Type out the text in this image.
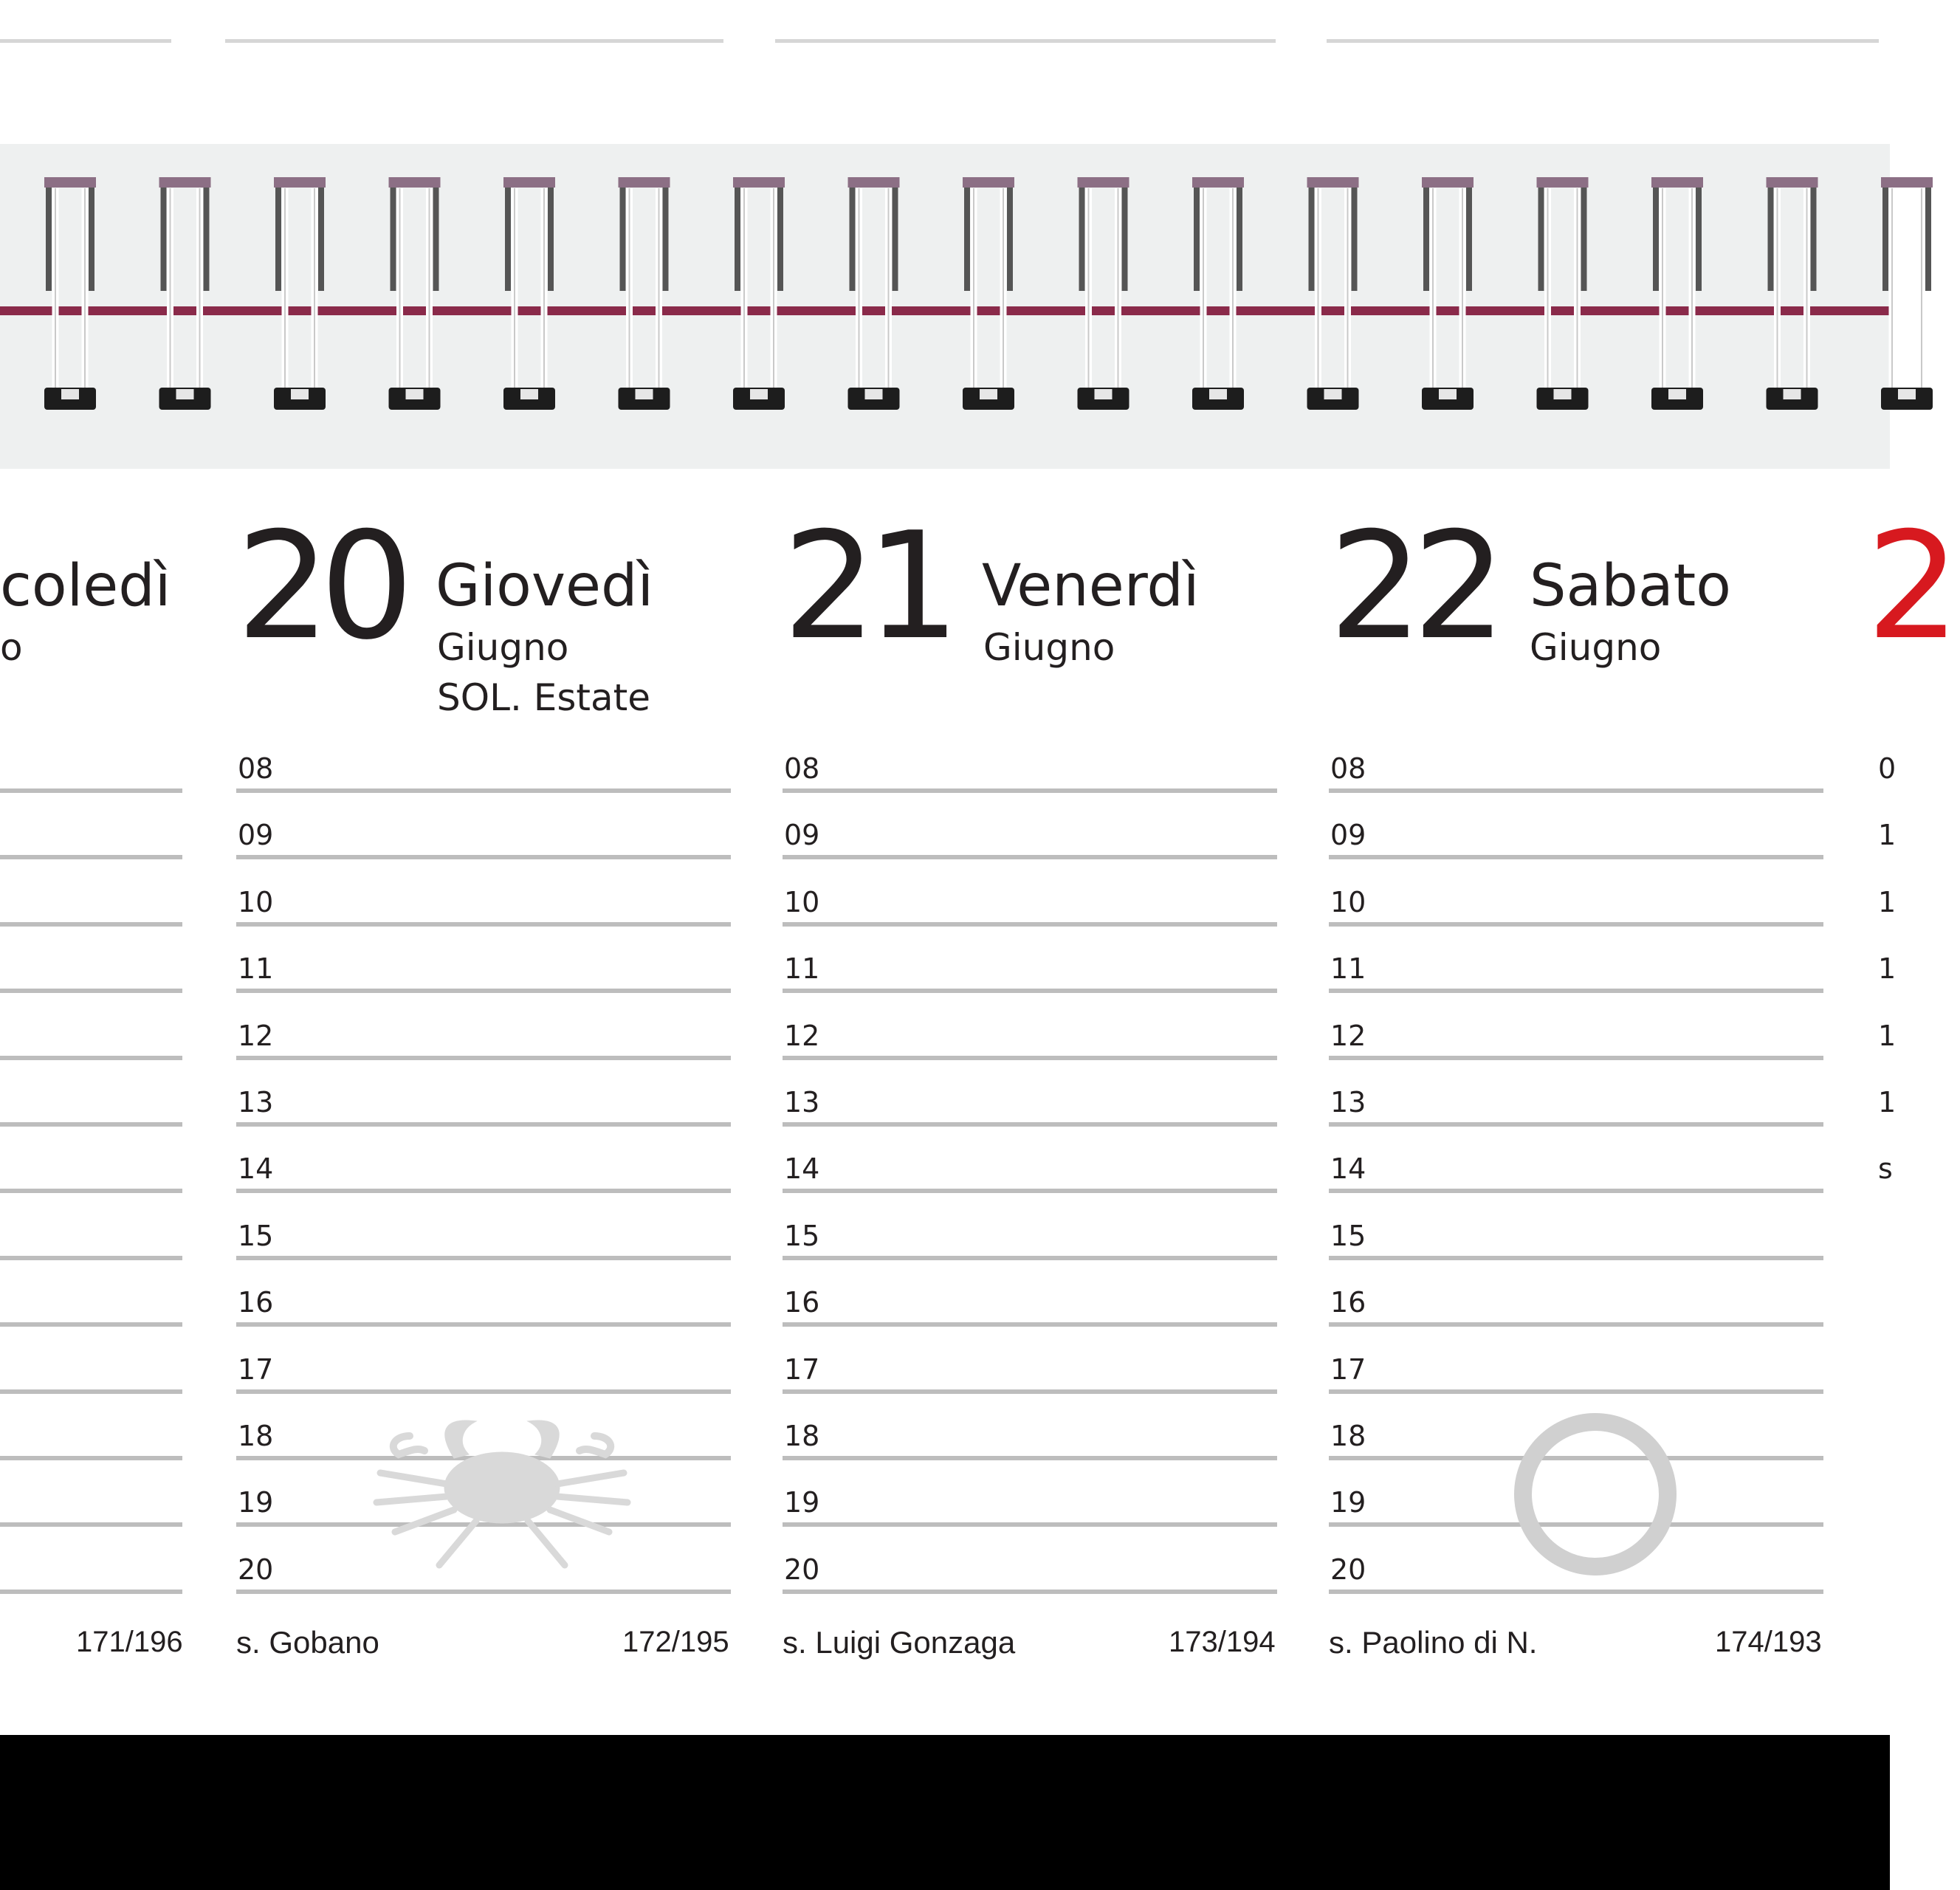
coledì
o
171/196
20 Giovedì
Giugno
SOL. Estate
08
09
10
11
12
13
14
15
16
17
18
19
20
s. Gobano	172/195
21 Venerdì
Giugno
08
09
10
11
12
13
14
15
16
17
18
19
20
s. Luigi Gonzaga	173/194
22 Sabato
Giugno
08
09
10
11
12
13
14
15
16
17
18
19
20
s. Paolino di N.	174/193
2
0
1
1
1
1
1
s
